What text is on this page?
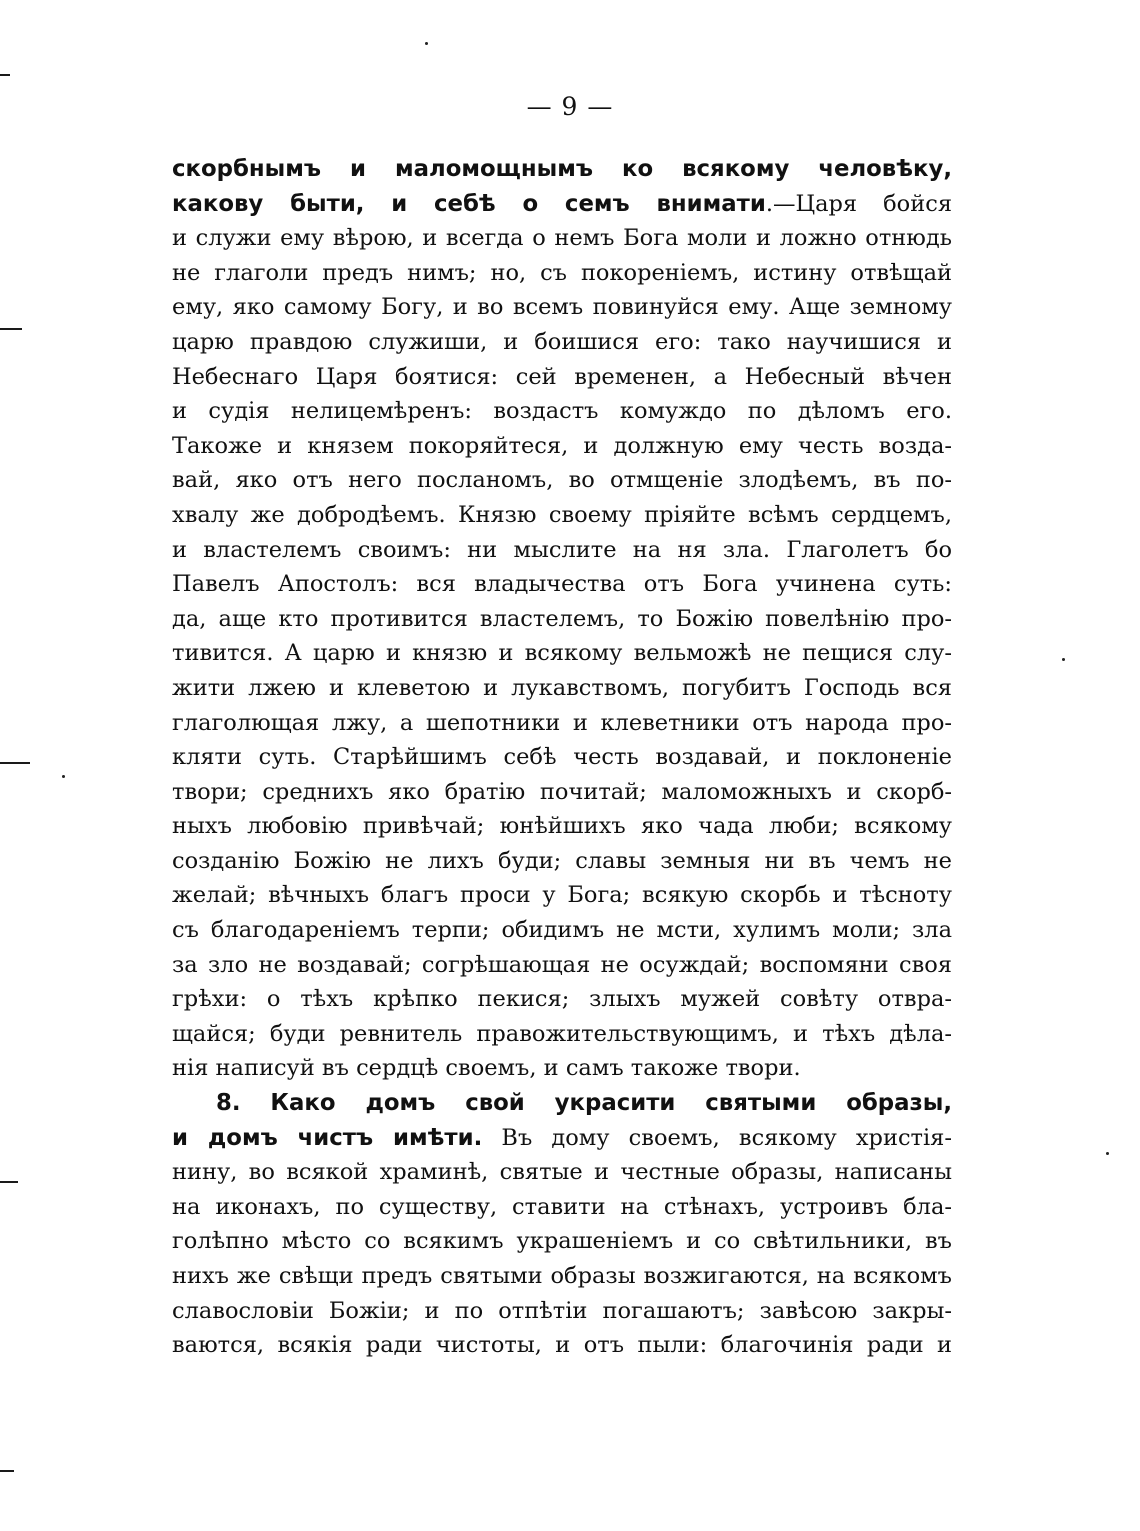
— 9 —
скорбнымъ и маломощнымъ ко всякому человѣку,
какову быти, и себѣ о семъ внимати.—Царя бойся
и служи ему вѣрою, и всегда о немъ Бога моли и ложно отнюдь
не глаголи предъ нимъ; но, съ покоренiемъ, истину отвѣщай
ему, яко самому Богу, и во всемъ повинуйся ему. Аще земному
царю правдою служиши, и боишися его: тако научишися и
Небеснаго Царя боятися: сей временен, а Небесный вѣчен
и судiя нелицемѣренъ: воздастъ комуждо по дѣломъ его.
Такоже и князем покоряйтеся, и должную ему честь возда-
вай, яко отъ него посланомъ, во отмщенiе злодѣемъ, въ по-
хвалу же добродѣемъ. Князю своему прiяйте всѣмъ сердцемъ,
и властелемъ своимъ: ни мыслите на ня зла. Глаголетъ бо
Павелъ Апостолъ: вся владычества отъ Бога учинена суть:
да, аще кто противится властелемъ, то Божiю повелѣнiю про-
тивится. А царю и князю и всякому вельможѣ не пещися слу-
жити лжею и клеветою и лукавствомъ, погубитъ Господь вся
глаголющая лжу, а шепотники и клеветники отъ народа про-
кляти суть. Старѣйшимъ себѣ честь воздавай, и поклоненiе
твори; среднихъ яко братiю почитай; маломожныхъ и скорб-
ныхъ любовiю привѣчай; юнѣйшихъ яко чада люби; всякому
созданiю Божiю не лихъ буди; славы земныя ни въ чемъ не
желай; вѣчныхъ благъ проси у Бога; всякую скорбь и тѣсноту
съ благодаренiемъ терпи; обидимъ не мсти, хулимъ моли; зла
за зло не воздавай; согрѣшающая не осуждай; воспомяни своя
грѣхи: о тѣхъ крѣпко пекися; злыхъ мужей совѣту отвра-
щайся; буди ревнитель правожительствующимъ, и тѣхъ дѣла-
нiя написуй въ сердцѣ своемъ, и самъ такоже твори.
8. Како домъ свой украсити святыми образы,
и домъ чистъ имѣти. Въ дому своемъ, всякому христiя-
нину, во всякой храминѣ, святые и честные образы, написаны
на иконахъ, по существу, ставити на стѣнахъ, устроивъ бла-
голѣпно мѣсто со всякимъ украшенiемъ и со свѣтильники, въ
нихъ же свѣщи предъ святыми образы возжигаются, на всякомъ
славословiи Божiи; и по отпѣтiи погашаютъ; завѣсою закры-
ваются, всякiя ради чистоты, и отъ пыли: благочинiя ради и
